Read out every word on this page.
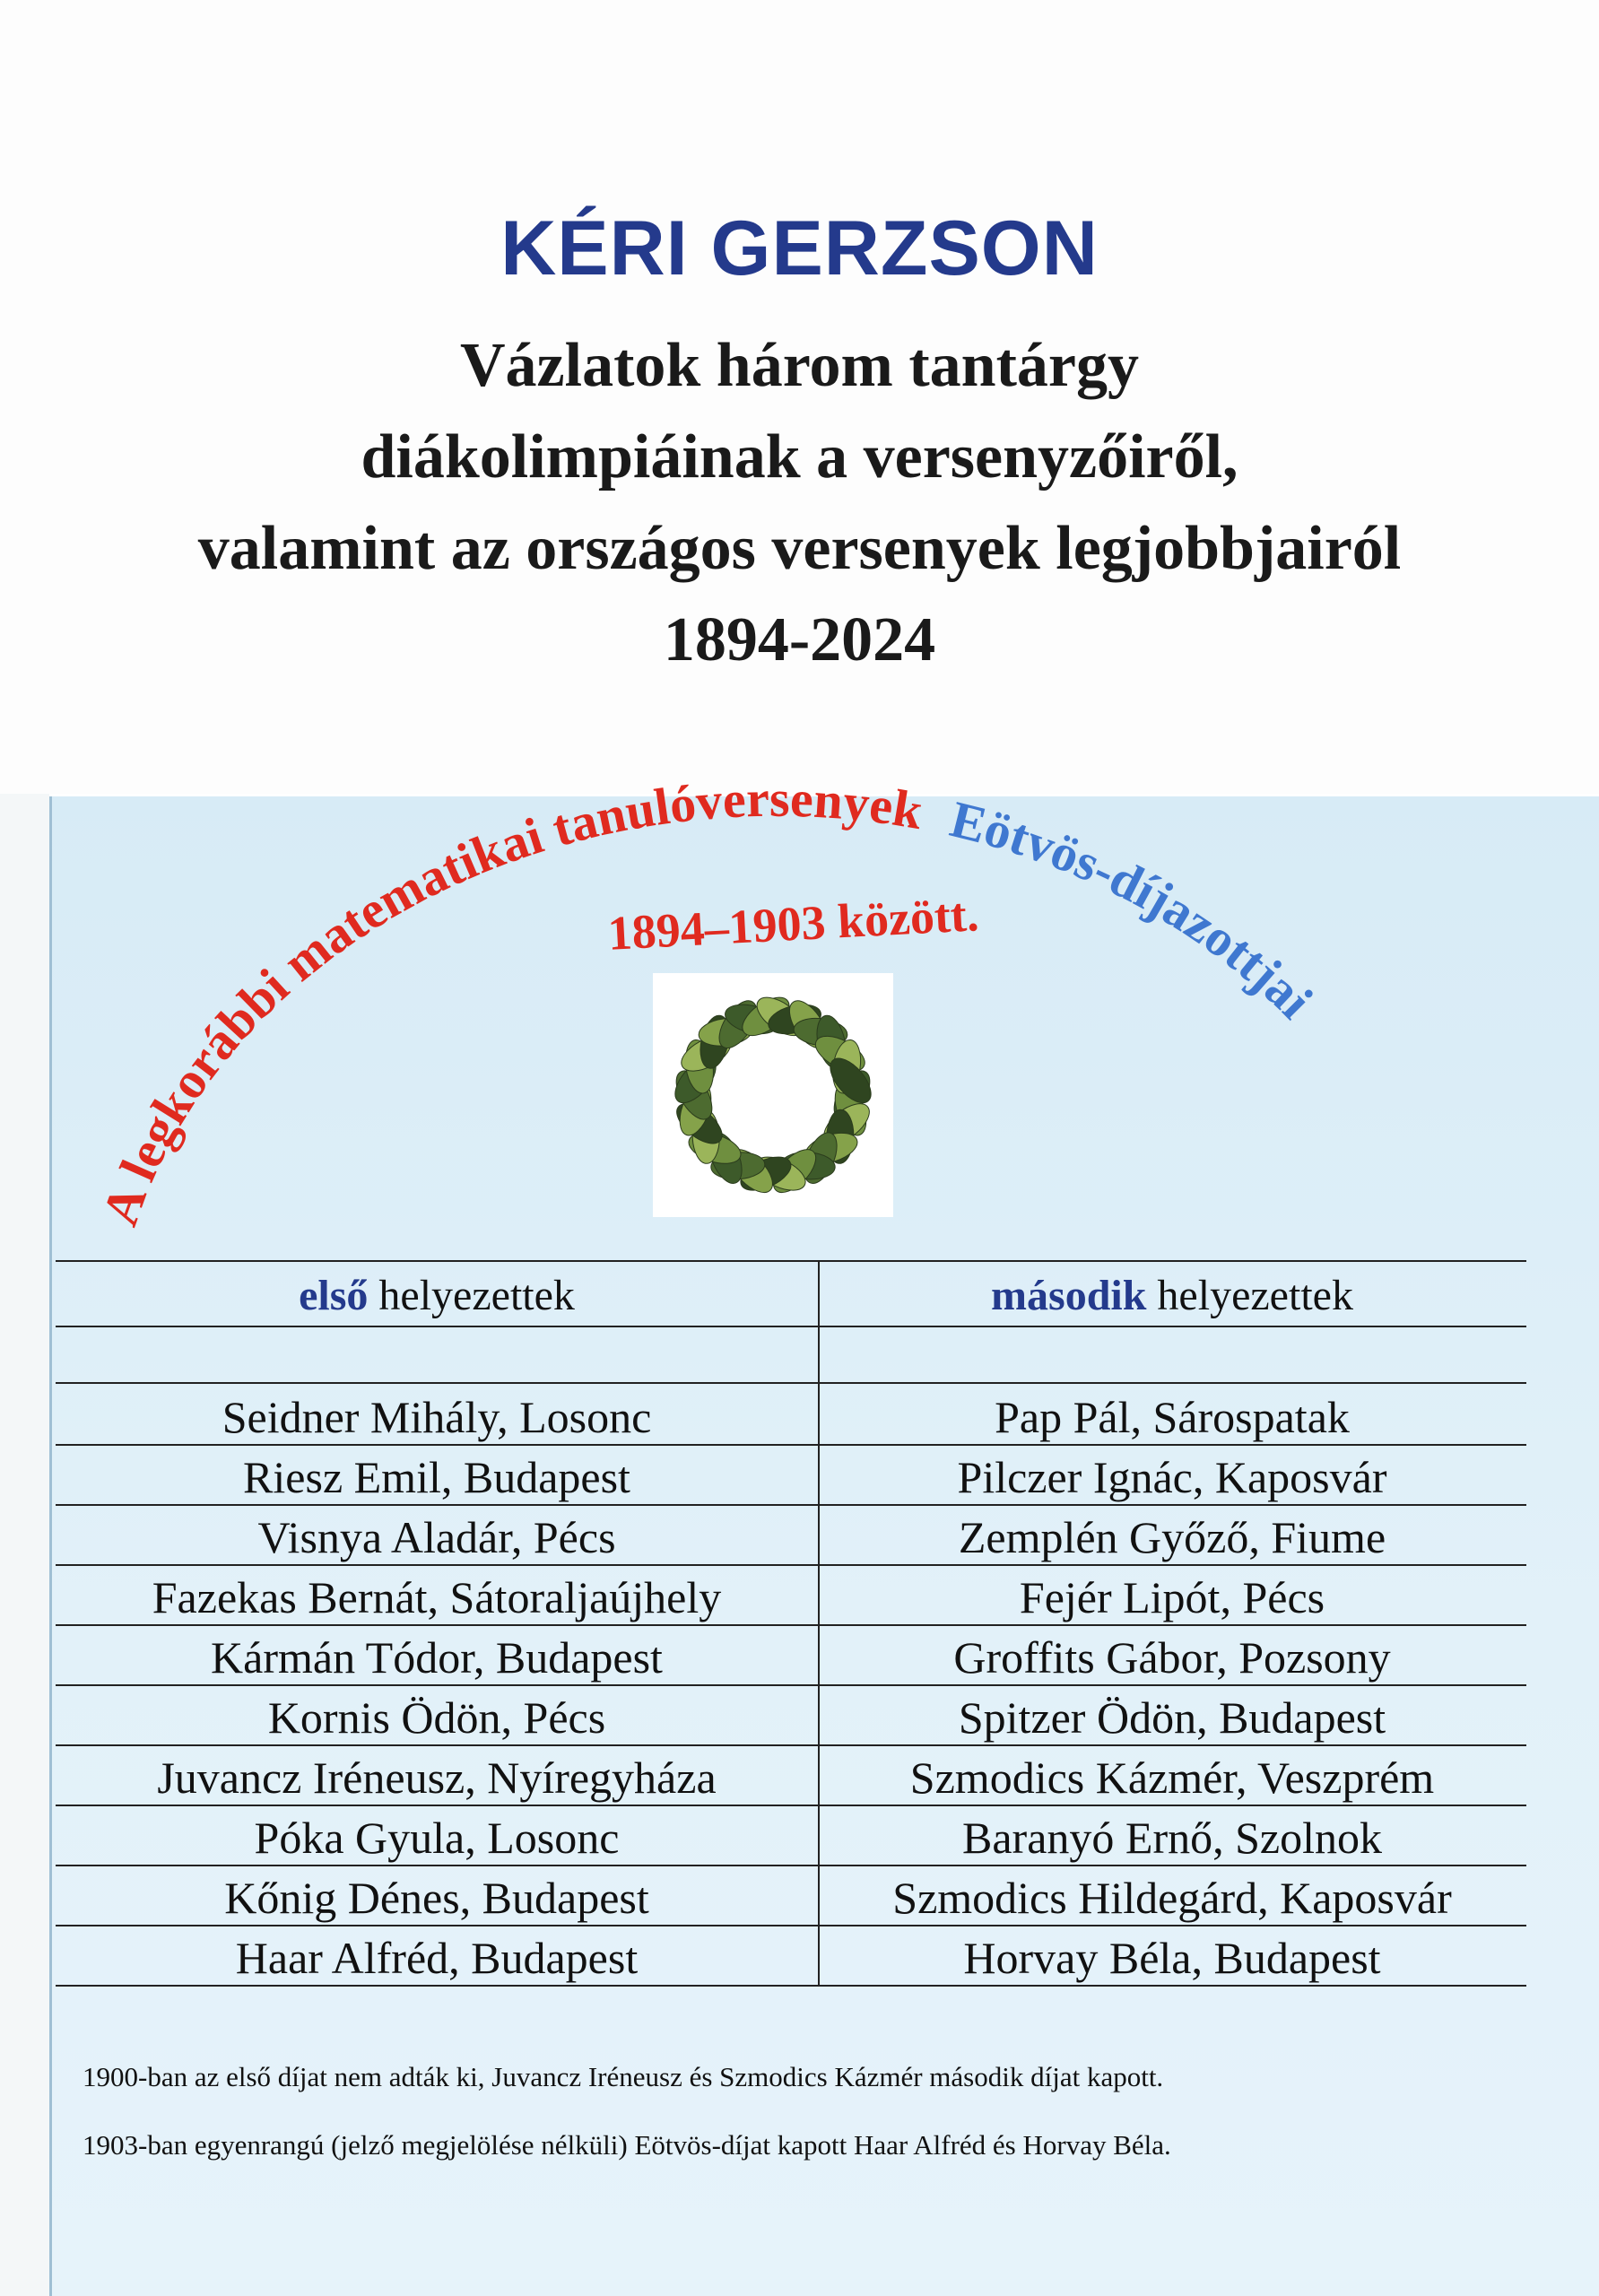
KÉRI GERZSON
Vázlatok három tantárgy
diákolimpiáinak a versenyzőiről,
valamint az országos versenyek legjobbjairól
1894-2024
A legkorábbi matematikai tanulóversenyek Eötvös-díjazottjai
1894–1903 között.
első helyezettek	második helyezettek
Seidner Mihály, Losonc	Pap Pál, Sárospatak
Riesz Emil, Budapest	Pilczer Ignác, Kaposvár
Visnya Aladár, Pécs	Zemplén Győző, Fiume
Fazekas Bernát, Sátoraljaújhely	Fejér Lipót, Pécs
Kármán Tódor, Budapest	Groffits Gábor, Pozsony
Kornis Ödön, Pécs	Spitzer Ödön, Budapest
Juvancz Iréneusz, Nyíregyháza	Szmodics Kázmér, Veszprém
Póka Gyula, Losonc	Baranyó Ernő, Szolnok
Kőnig Dénes, Budapest	Szmodics Hildegárd, Kaposvár
Haar Alfréd, Budapest	Horvay Béla, Budapest
1900-ban az első díjat nem adták ki, Juvancz Iréneusz és Szmodics Kázmér második díjat kapott.
1903-ban egyenrangú (jelző megjelölése nélküli) Eötvös-díjat kapott Haar Alfréd és Horvay Béla.
